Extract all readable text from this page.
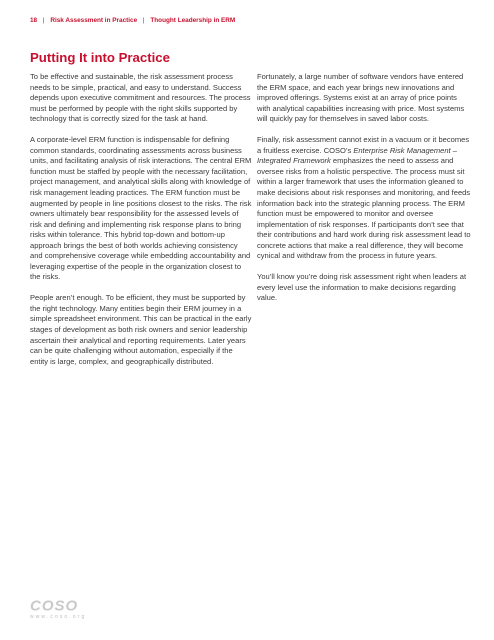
18 | Risk Assessment in Practice | Thought Leadership in ERM
Putting It into Practice

To be effective and sustainable, the risk assessment process needs to be simple, practical, and easy to understand. Success depends upon executive commitment and resources. The process must be performed by people with the right skills supported by technology that is correctly sized for the task at hand.

A corporate-level ERM function is indispensable for defining common standards, coordinating assessments across business units, and facilitating analysis of risk interactions. The central ERM function must be staffed by people with the necessary facilitation, project management, and analytical skills along with knowledge of risk management leading practices. The ERM function must be augmented by people in line positions closest to the risks. The risk owners ultimately bear responsibility for the assessed levels of risk and defining and implementing risk response plans to bring risks within tolerance. This hybrid top-down and bottom-up approach brings the best of both worlds achieving consistency and comprehensive coverage while embedding accountability and leveraging expertise of the people in the organization closest to the risks.

People aren’t enough. To be efficient, they must be supported by the right technology. Many entities begin their ERM journey in a simple spreadsheet environment. This can be practical in the early stages of development as both risk owners and senior leadership ascertain their analytical and reporting requirements. Later years can be quite challenging without automation, especially if the entity is large, complex, and geographically distributed.

Fortunately, a large number of software vendors have entered the ERM space, and each year brings new innovations and improved offerings. Systems exist at an array of price points with analytical capabilities increasing with price. Most systems will quickly pay for themselves in saved labor costs.

Finally, risk assessment cannot exist in a vacuum or it becomes a fruitless exercise. COSO’s Enterprise Risk Management – Integrated Framework emphasizes the need to assess and oversee risks from a holistic perspective. The process must sit within a larger framework that uses the information gleaned to make decisions about risk responses and monitoring, and feeds information back into the strategic planning process. The ERM function must be empowered to monitor and oversee implementation of risk responses. If participants don’t see that their contributions and hard work during risk assessment lead to concrete actions that make a real difference, they will become cynical and withdraw from the process in future years.

You’ll know you’re doing risk assessment right when leaders at every level use the information to make decisions regarding value.

COSO
www.coso.org
